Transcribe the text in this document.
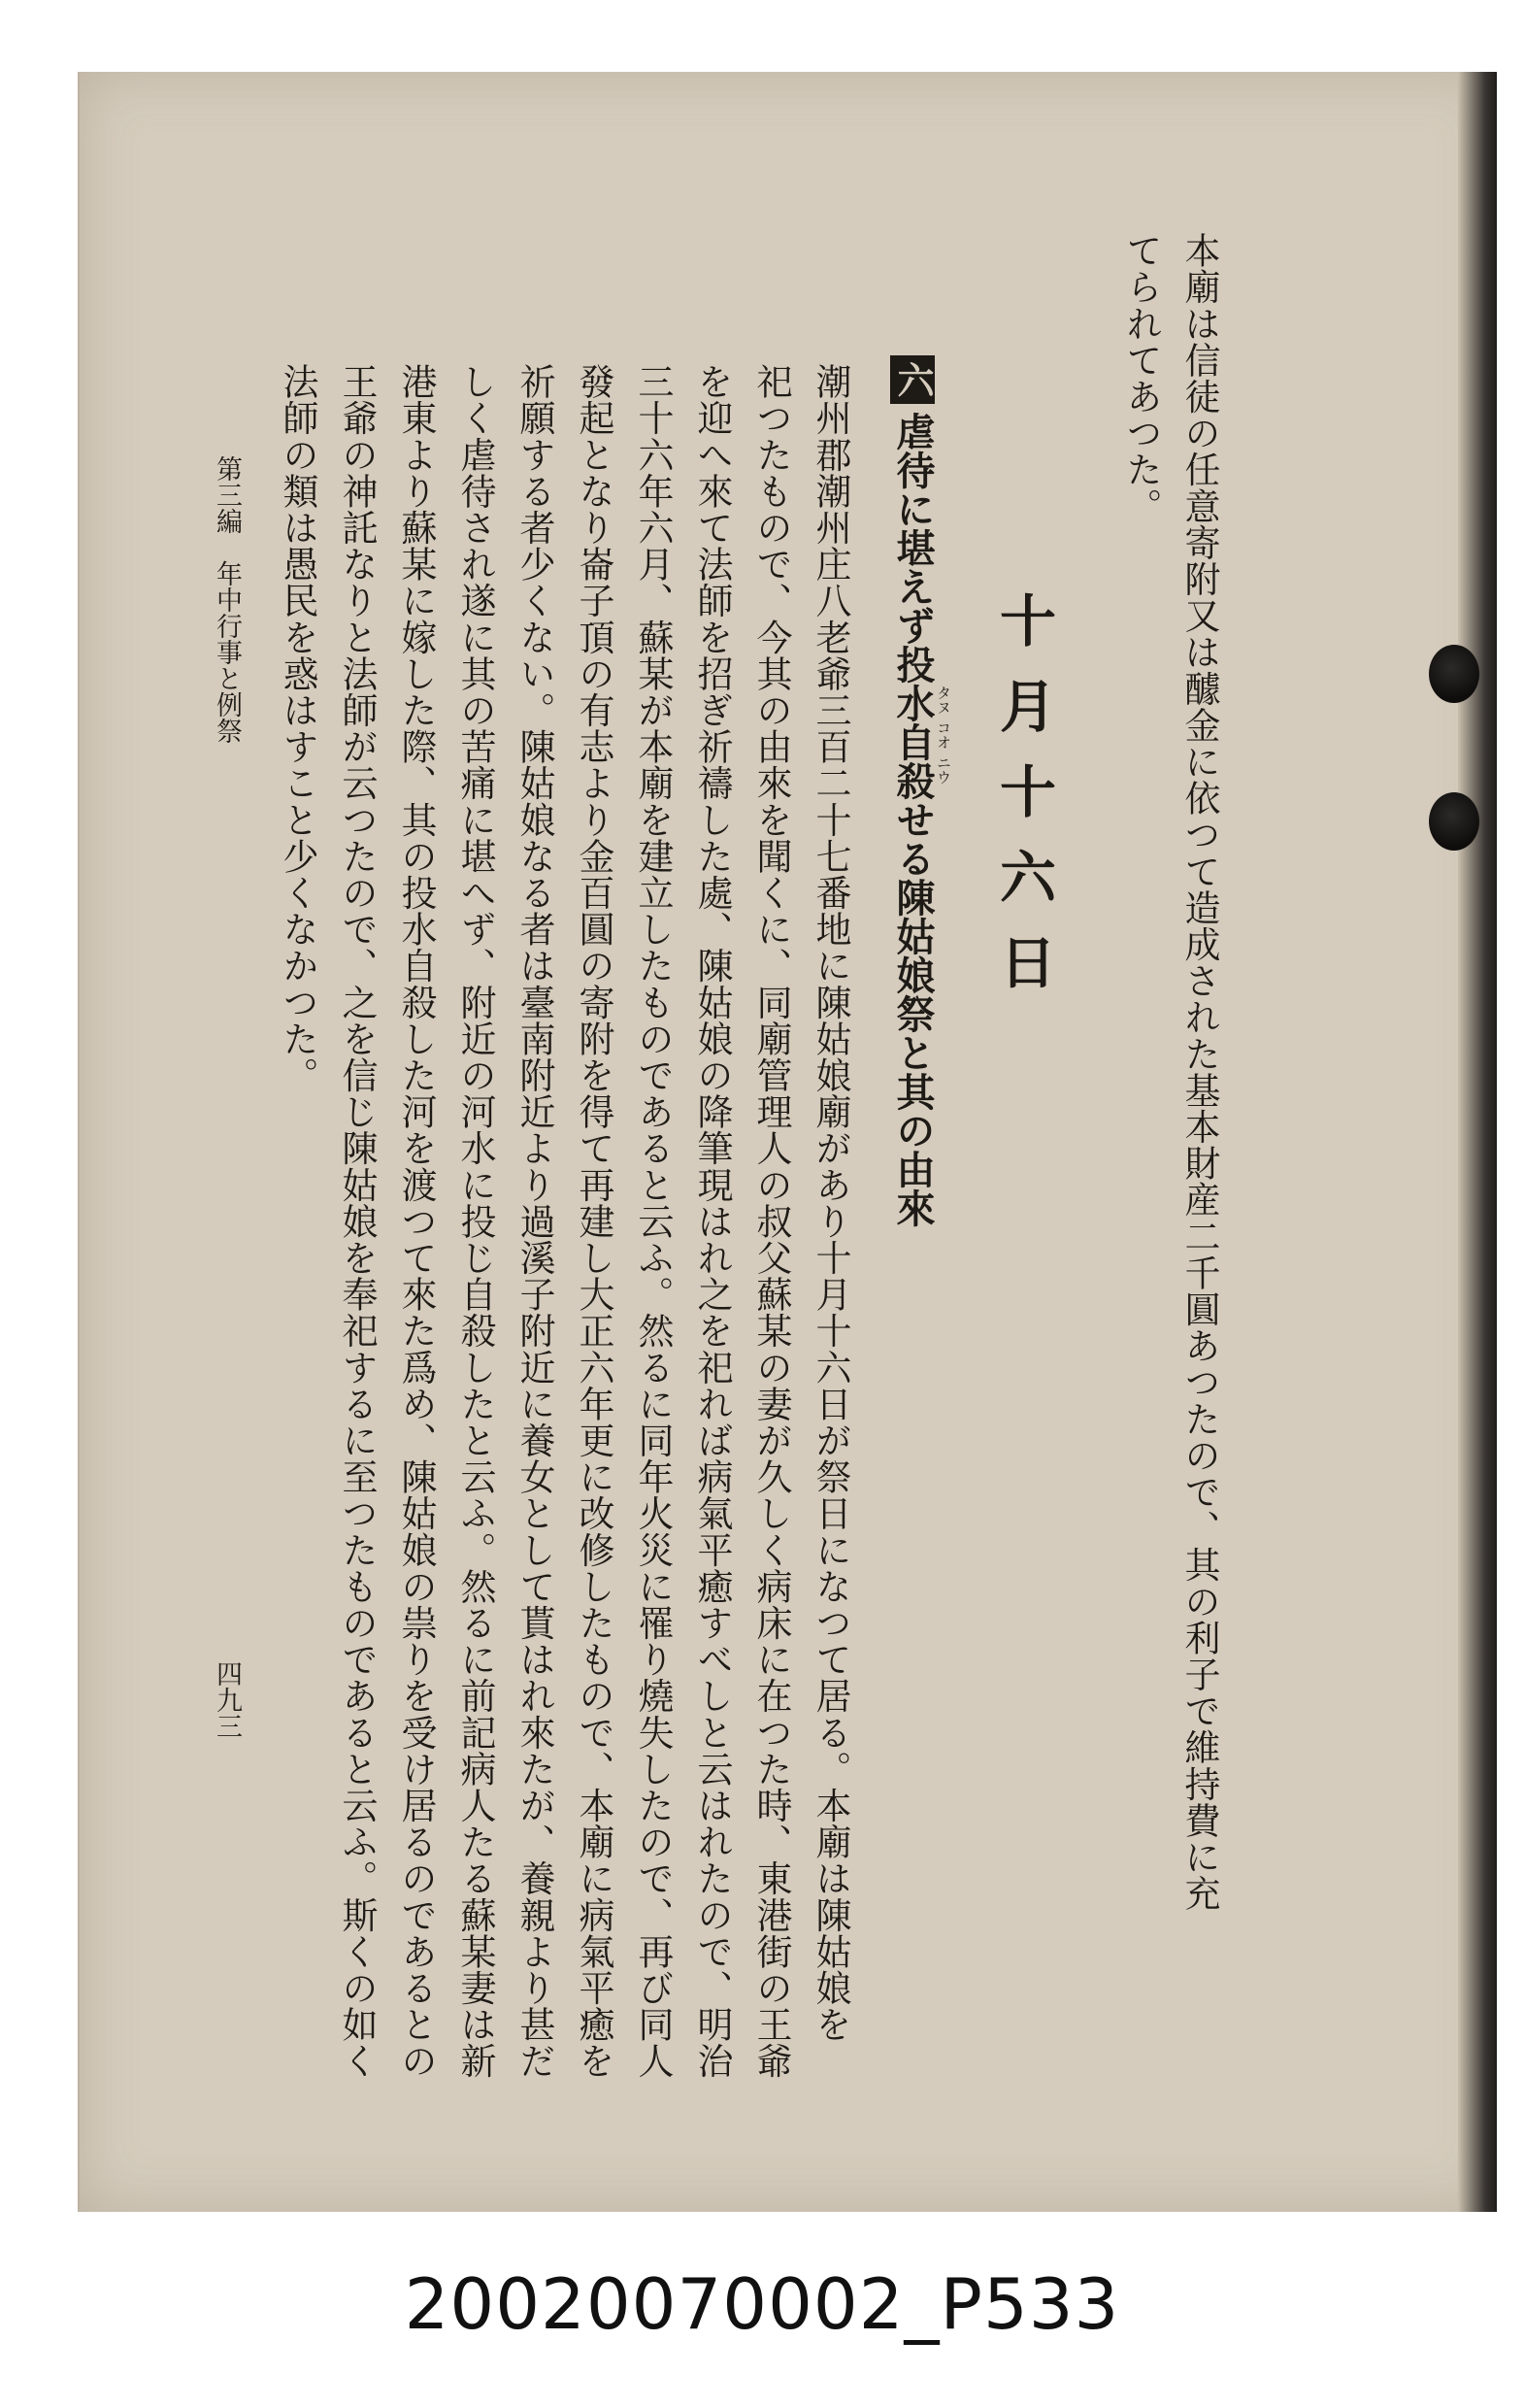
本廟は信徒の任意寄附又は醵金に依つて造成された基本財産二千圓あつたので、其の利子で維持費に充
てられてあつた。
十月十六日
六虐待に堪えず投水自殺せる陳姑娘祭と其の由來 タヌ
コオ
ニウ
潮州郡潮州庄八老爺三百二十七番地に陳姑娘廟があり十月十六日が祭日になつて居る。本廟は陳姑娘を
祀つたもので、今其の由來を聞くに、同廟管理人の叔父蘇某の妻が久しく病床に在つた時、東港街の王爺
を迎へ來て法師を招ぎ祈禱した處、陳姑娘の降筆現はれ之を祀れば病氣平癒すべしと云はれたので、明治
三十六年六月、蘇某が本廟を建立したものであると云ふ。然るに同年火災に罹り燒失したので、再び同人
發起となり崙子頂の有志より金百圓の寄附を得て再建し大正六年更に改修したもので、本廟に病氣平癒を
祈願する者少くない。陳姑娘なる者は臺南附近より過溪子附近に養女として貰はれ來たが、養親より甚だ
しく虐待され遂に其の苦痛に堪へず、附近の河水に投じ自殺したと云ふ。然るに前記病人たる蘇某妻は新
港東より蘇某に嫁した際、其の投水自殺した河を渡つて來た爲め、陳姑娘の祟りを受け居るのであるとの
王爺の神託なりと法師が云つたので、之を信じ陳姑娘を奉祀するに至つたものであると云ふ。斯くの如く
法師の類は愚民を惑はすこと少くなかつた。
第三編　年中行事と例祭
四九三
20020070002_P533
